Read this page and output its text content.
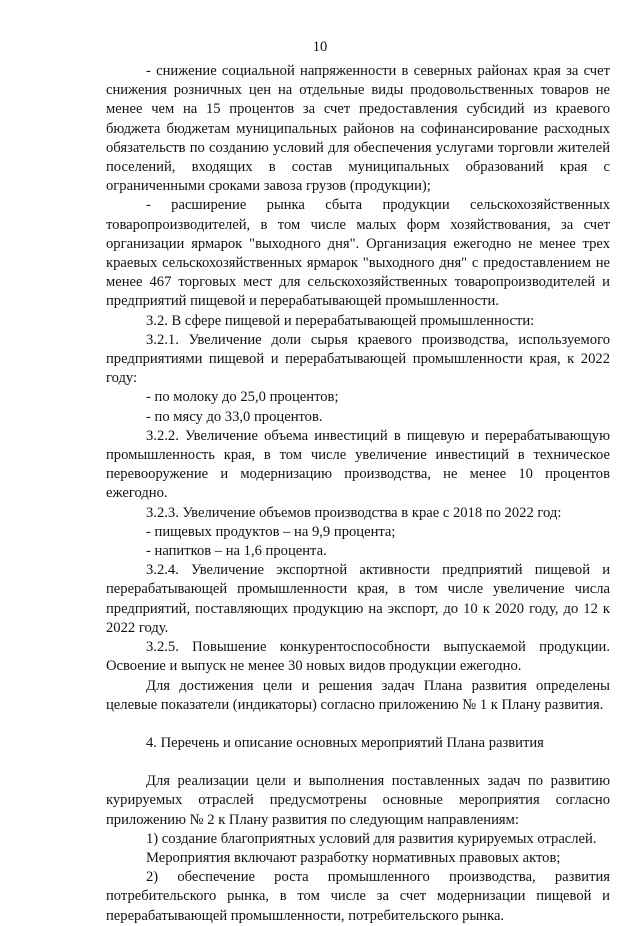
10

- снижение социальной напряженности в северных районах края за счет снижения розничных цен на отдельные виды продовольственных товаров не менее чем на 15 процентов за счет предоставления субсидий из краевого бюджета бюджетам муниципальных районов на софинансирование расходных обязательств по созданию условий для обеспечения услугами торговли жителей поселений, входящих в состав муниципальных образований края с ограниченными сроками завоза грузов (продукции);

- расширение рынка сбыта продукции сельскохозяйственных товаропроизводителей, в том числе малых форм хозяйствования, за счет организации ярмарок "выходного дня". Организация ежегодно не менее трех краевых сельскохозяйственных ярмарок "выходного дня" с предоставлением не менее 467 торговых мест для сельскохозяйственных товаропроизводителей и предприятий пищевой и перерабатывающей промышленности.

3.2. В сфере пищевой и перерабатывающей промышленности:

3.2.1. Увеличение доли сырья краевого производства, используемого предприятиями пищевой и перерабатывающей промышленности края, к 2022 году:

- по молоку до 25,0 процентов;

- по мясу до 33,0 процентов.

3.2.2. Увеличение объема инвестиций в пищевую и перерабатывающую промышленность края, в том числе увеличение инвестиций в техническое перевооружение и модернизацию производства, не менее 10 процентов ежегодно.

3.2.3. Увеличение объемов производства в крае с 2018 по 2022 год:

- пищевых продуктов – на 9,9 процента;

- напитков – на 1,6 процента.

3.2.4. Увеличение экспортной активности предприятий пищевой и перерабатывающей промышленности края, в том числе увеличение числа предприятий, поставляющих продукцию на экспорт, до 10 к 2020 году, до 12 к 2022 году.

3.2.5. Повышение конкурентоспособности выпускаемой продукции. Освоение и выпуск не менее 30 новых видов продукции ежегодно.

Для достижения цели и решения задач Плана развития определены целевые показатели (индикаторы) согласно приложению № 1 к Плану развития.

4. Перечень и описание основных мероприятий Плана развития

Для реализации цели и выполнения поставленных задач по развитию курируемых отраслей предусмотрены основные мероприятия согласно приложению № 2 к Плану развития по следующим направлениям:

1) создание благоприятных условий для развития курируемых отраслей.

Мероприятия включают разработку нормативных правовых актов;

2) обеспечение роста промышленного производства, развития потребительского рынка, в том числе за счет модернизации пищевой и перерабатывающей промышленности, потребительского рынка.
